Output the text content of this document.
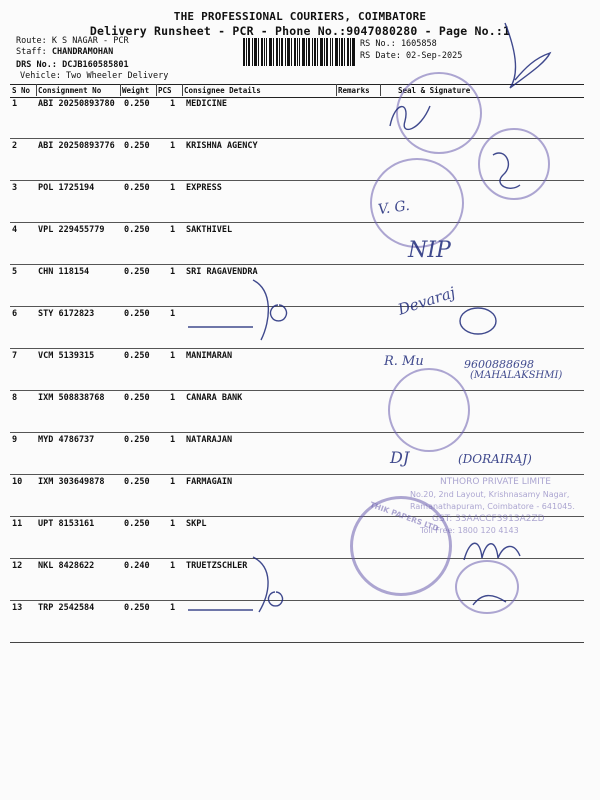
THE PROFESSIONAL COURIERS, COIMBATORE
Delivery Runsheet - PCR - Phone No.:9047080280 - Page No.:1
Route: K S NAGAR - PCR
Staff: CHANDRAMOHAN
DRS No.: DCJB160585801
Vehicle: Two Wheeler Delivery
RS No.: 1605858
RS Date: 02-Sep-2025
S No Consignment No	Weight PCS Consignee Details	Remarks	Seal & Signature
1 ABI 20250893780 0.250 1 MEDICINE
2 ABI 20250893776 0.250 1 KRISHNA AGENCY
3 POL 1725194	0.250 1 EXPRESS
4 VPL 229455779 0.250 1 SAKTHIVEL
5 CHN 118154	0.250 1 SRI RAGAVENDRA
6 STY 6172823	0.250 1
7 VCM 5139315	0.250 1 MANIMARAN
8 IXM 508838768 0.250 1 CANARA BANK
9 MYD 4786737	0.250 1 NATARAJAN
10 IXM 303649878 0.250 1 FARMAGAIN
11 UPT 8153161	0.250 1 SKPL
12 NKL 8428622	0.240 1 TRUETZSCHLER
13 TRP 2542584	0.250 1
NTHORO PRIVATE LIMITE
No.20, 2nd Layout, Krishnasamy Nagar,
Ramanathapuram, Coimbatore - 641045.
GST: 33AACCF3913A2ZD
Toll Free: 1800 120 4143
THIK PAPERS LTD
V. G.
NIP
Devaraj
R. Mu	9600888698
(MAHALAKSHMI)
DJ	(DORAIRAJ)
